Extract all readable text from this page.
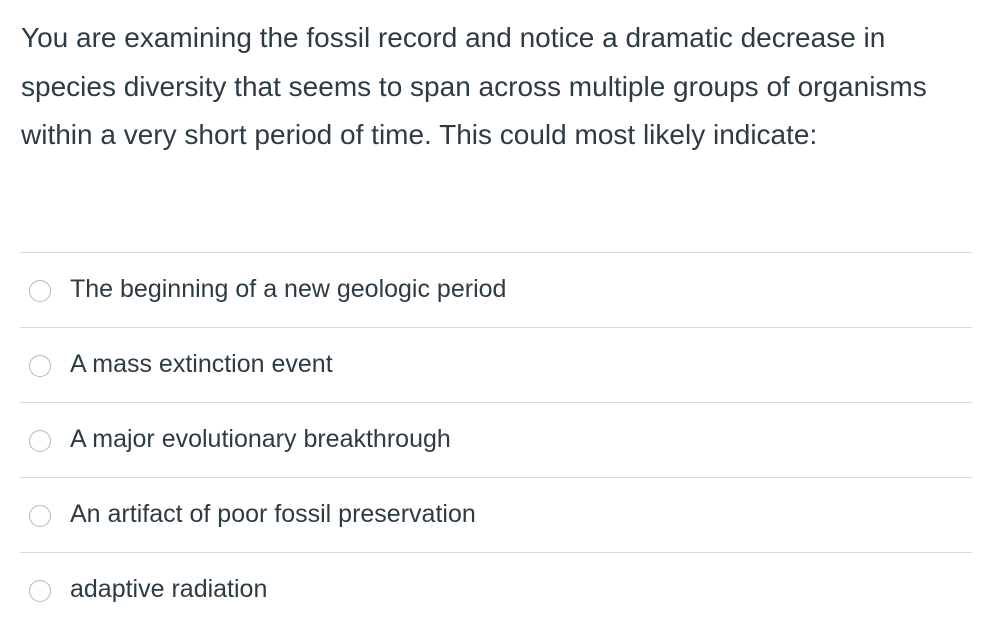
You are examining the fossil record and notice a dramatic decrease in species diversity that seems to span across multiple groups of organisms within a very short period of time. This could most likely indicate:
The beginning of a new geologic period
A mass extinction event
A major evolutionary breakthrough
An artifact of poor fossil preservation
adaptive radiation
